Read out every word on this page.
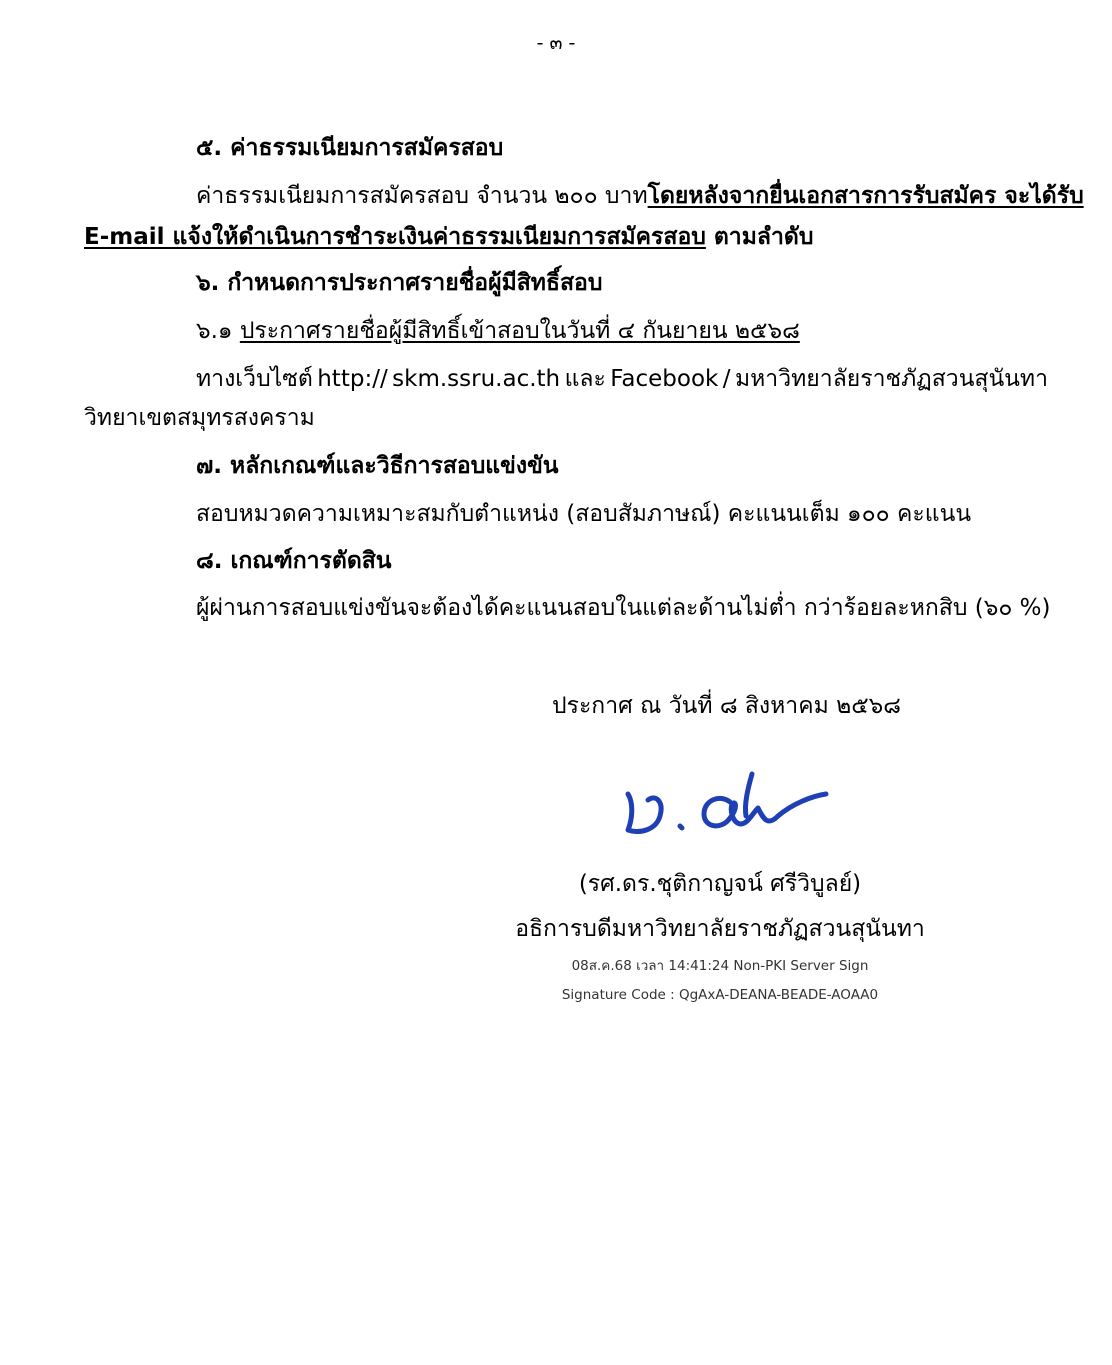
- ๓ -
๕. ค่าธรรมเนียมการสมัครสอบ
ค่าธรรมเนียมการสมัครสอบ จำนวน ๒๐๐ บาท โดยหลังจากยื่นเอกสารการรับสมัคร จะได้รับ
E-mail แจ้งให้ดำเนินการชำระเงินค่าธรรมเนียมการสมัครสอบ ตามลำดับ
๖. กำหนดการประกาศรายชื่อผู้มีสิทธิ์สอบ
๖.๑ ประกาศรายชื่อผู้มีสิทธิ์เข้าสอบในวันที่ ๔ กันยายน ๒๕๖๘
ทางเว็บไซต์ http:// skm.ssru.ac.th และ Facebook / มหาวิทยาลัยราชภัฏสวนสุนันทา
วิทยาเขตสมุทรสงคราม
๗. หลักเกณฑ์และวิธีการสอบแข่งขัน
สอบหมวดความเหมาะสมกับตำแหน่ง (สอบสัมภาษณ์) คะแนนเต็ม ๑๐๐ คะแนน
๘. เกณฑ์การตัดสิน
ผู้ผ่านการสอบแข่งขันจะต้องได้คะแนนสอบในแต่ละด้านไม่ต่ำ กว่าร้อยละหกสิบ (๖๐ %)
ประกาศ ณ วันที่ ๘ สิงหาคม ๒๕๖๘
(รศ.ดร.ชุติกาญจน์ ศรีวิบูลย์)
อธิการบดีมหาวิทยาลัยราชภัฏสวนสุนันทา
08ส.ค.68 เวลา 14:41:24 Non-PKI Server Sign
Signature Code : QgAxA-DEANA-BEADE-AOAA0
